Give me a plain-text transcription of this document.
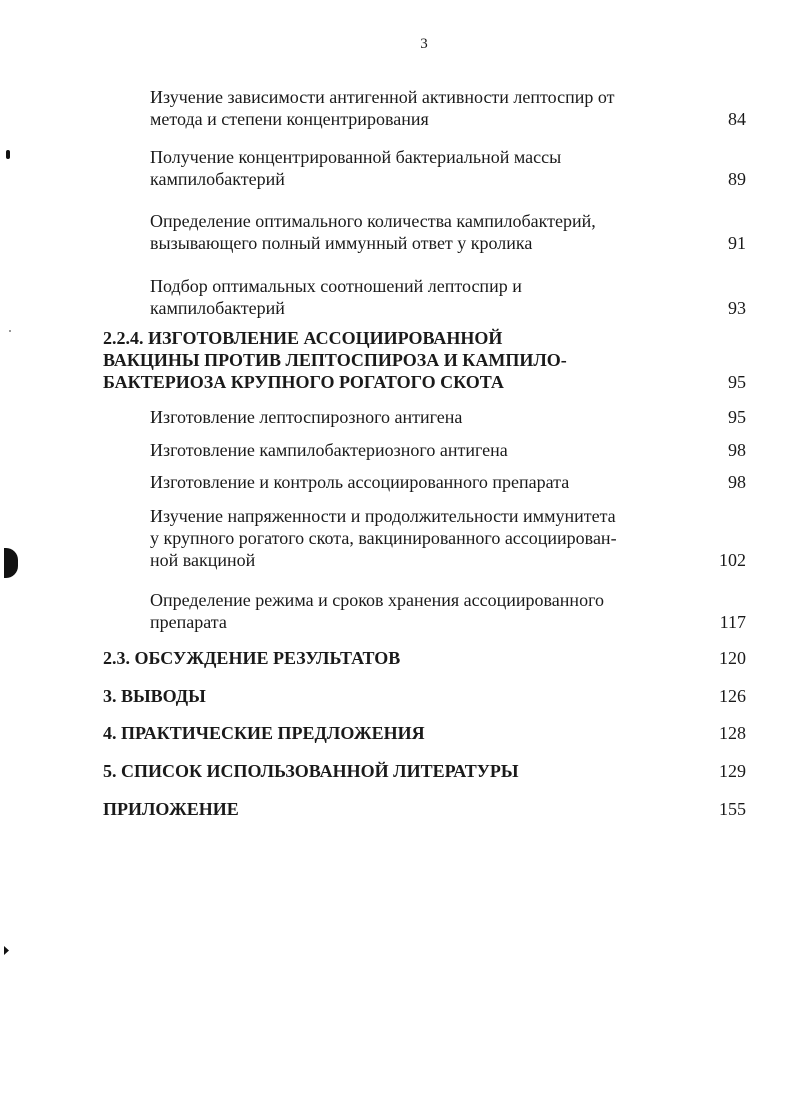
3
Изучение зависимости антигенной активности лептоспир от
метода и степени концентрирования	84
Получение концентрированной бактериальной массы
кампилобактерий	89
Определение оптимального количества кампилобактерий,
вызывающего полный иммунный ответ у кролика	91
Подбор оптимальных соотношений лептоспир и
кампилобактерий	93
2.2.4. ИЗГОТОВЛЕНИЕ АССОЦИИРОВАННОЙ
ВАКЦИНЫ ПРОТИВ ЛЕПТОСПИРОЗА И КАМПИЛО-
БАКТЕРИОЗА КРУПНОГО РОГАТОГО СКОТА	95
Изготовление лептоспирозного антигена	95
Изготовление кампилобактериозного антигена	98
Изготовление и контроль ассоциированного препарата	98
Изучение напряженности и продолжительности иммунитета
у крупного рогатого скота, вакцинированного ассоциирован-
ной вакциной	102
Определение режима и сроков хранения ассоциированного
препарата	117
2.3. ОБСУЖДЕНИЕ РЕЗУЛЬТАТОВ	120
3. ВЫВОДЫ	126
4. ПРАКТИЧЕСКИЕ ПРЕДЛОЖЕНИЯ	128
5. СПИСОК ИСПОЛЬЗОВАННОЙ ЛИТЕРАТУРЫ	129
ПРИЛОЖЕНИЕ	155
